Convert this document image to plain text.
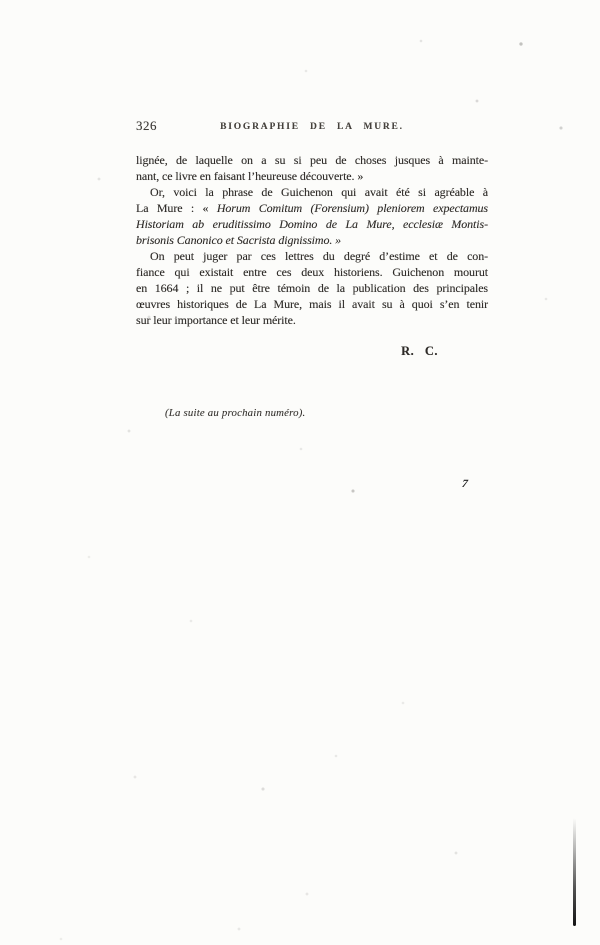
326	BIOGRAPHIE DE LA MURE.
lignée, de laquelle on a su si peu de choses jusques à mainte-
nant, ce livre en faisant l’heureuse découverte. »
Or, voici la phrase de Guichenon qui avait été si agréable à
La Mure : « Horum Comitum (Forensium) pleniorem expectamus
Historiam ab eruditissimo Domino de La Mure, ecclesiæ Montis-
brisonis Canonico et Sacrista dignissimo. »
On peut juger par ces lettres du degré d’estime et de con-
fiance qui existait entre ces deux historiens. Guichenon mourut
en 1664 ; il ne put être témoin de la publication des principales
œuvres historiques de La Mure, mais il avait su à quoi s’en tenir
sur leur importance et leur mérite.
R. C.
(La suite au prochain numéro).
7
